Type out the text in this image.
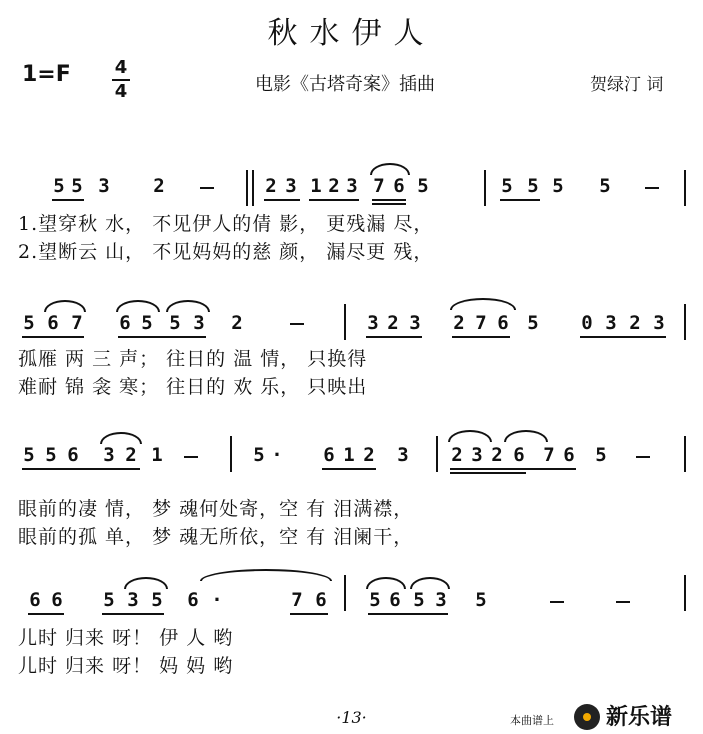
秋水伊人
1=F 4
4	电影《古塔奇案》插曲	贺绿汀 词
5 5 3 2	2 3 1 2 3 7 6 5	5 5 5 5
1.望穿秋 水， 不见伊人的倩 影， 更残漏 尽，
2.望断云 山， 不见妈妈的慈 颜， 漏尽更 残，
5 6 7 6 5 5 3 2	3 2 3 2 7 6 5 0 3 2 3
孤雁 两 三 声； 往日的 温 情， 只换得
难耐 锦 衾 寒； 往日的 欢 乐， 只映出
5 5 6 3 2 1	5 · 6 1 2 3 2 3 2 6 7 6 5
眼前的凄 情， 梦 魂何处寄，空 有 泪满襟，
眼前的孤 单， 梦 魂无所依，空 有 泪阑干，
6 6 5 3 5 6 ·	7 6 5 6 5 3 5
儿时 归来 呀！ 伊 人 哟
儿时 归来 呀！ 妈 妈 哟
·13·	本曲谱上 新乐谱
